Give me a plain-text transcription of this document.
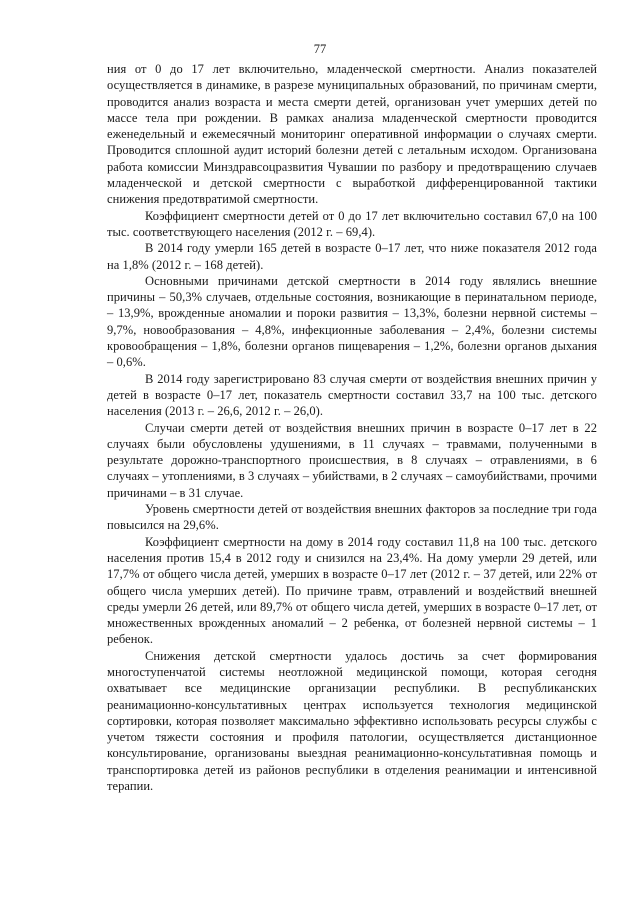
77

ния от 0 до 17 лет включительно, младенческой смертности. Анализ показателей осуществляется в динамике, в разрезе муниципальных образований, по причинам смерти, проводится анализ возраста и места смерти детей, организован учет умерших детей по массе тела при рождении. В рамках анализа младенческой смертности проводится еженедельный и ежемесячный мониторинг оперативной информации о случаях смерти. Проводится сплошной аудит историй болезни детей с летальным исходом. Организована работа комиссии Минздравсоцразвития Чувашии по разбору и предотвращению случаев младенческой и детской смертности с выработкой дифференцированной тактики снижения предотвратимой смертности.

Коэффициент смертности детей от 0 до 17 лет включительно составил 67,0 на 100 тыс. соответствующего населения (2012 г. – 69,4).

В 2014 году умерли 165 детей в возрасте 0–17 лет, что ниже показателя 2012 года на 1,8% (2012 г. – 168 детей).

Основными причинами детской смертности в 2014 году являлись внешние причины – 50,3% случаев, отдельные состояния, возникающие в перинатальном периоде, – 13,9%, врожденные аномалии и пороки развития – 13,3%, болезни нервной системы – 9,7%, новообразования – 4,8%, инфекционные заболевания – 2,4%, болезни системы кровообращения – 1,8%, болезни органов пищеварения – 1,2%, болезни органов дыхания – 0,6%.

В 2014 году зарегистрировано 83 случая смерти от воздействия внешних причин у детей в возрасте 0–17 лет, показатель смертности составил 33,7 на 100 тыс. детского населения (2013 г. – 26,6, 2012 г. – 26,0).

Случаи смерти детей от воздействия внешних причин в возрасте 0–17 лет в 22 случаях были обусловлены удушениями, в 11 случаях – травмами, полученными в результате дорожно-транспортного происшествия, в 8 случаях – отравлениями, в 6 случаях – утоплениями, в 3 случаях – убийствами, в 2 случаях – самоубийствами, прочими причинами – в 31 случае.

Уровень смертности детей от воздействия внешних факторов за последние три года повысился на 29,6%.

Коэффициент смертности на дому в 2014 году составил 11,8 на 100 тыс. детского населения против 15,4 в 2012 году и снизился на 23,4%. На дому умерли 29 детей, или 17,7% от общего числа детей, умерших в возрасте 0–17 лет (2012 г. – 37 детей, или 22% от общего числа умерших детей). По причине травм, отравлений и воздействий внешней среды умерли 26 детей, или 89,7% от общего числа детей, умерших в возрасте 0–17 лет, от множественных врожденных аномалий – 2 ребенка, от болезней нервной системы – 1 ребенок.

Снижения детской смертности удалось достичь за счет формирования многоступенчатой системы неотложной медицинской помощи, которая сегодня охватывает все медицинские организации республики. В республиканских реанимационно-консультативных центрах используется технология медицинской сортировки, которая позволяет максимально эффективно использовать ресурсы службы с учетом тяжести состояния и профиля патологии, осуществляется дистанционное консультирование, организованы выездная реанимационно-консультативная помощь и транспортировка детей из районов республики в отделения реанимации и интенсивной терапии.
